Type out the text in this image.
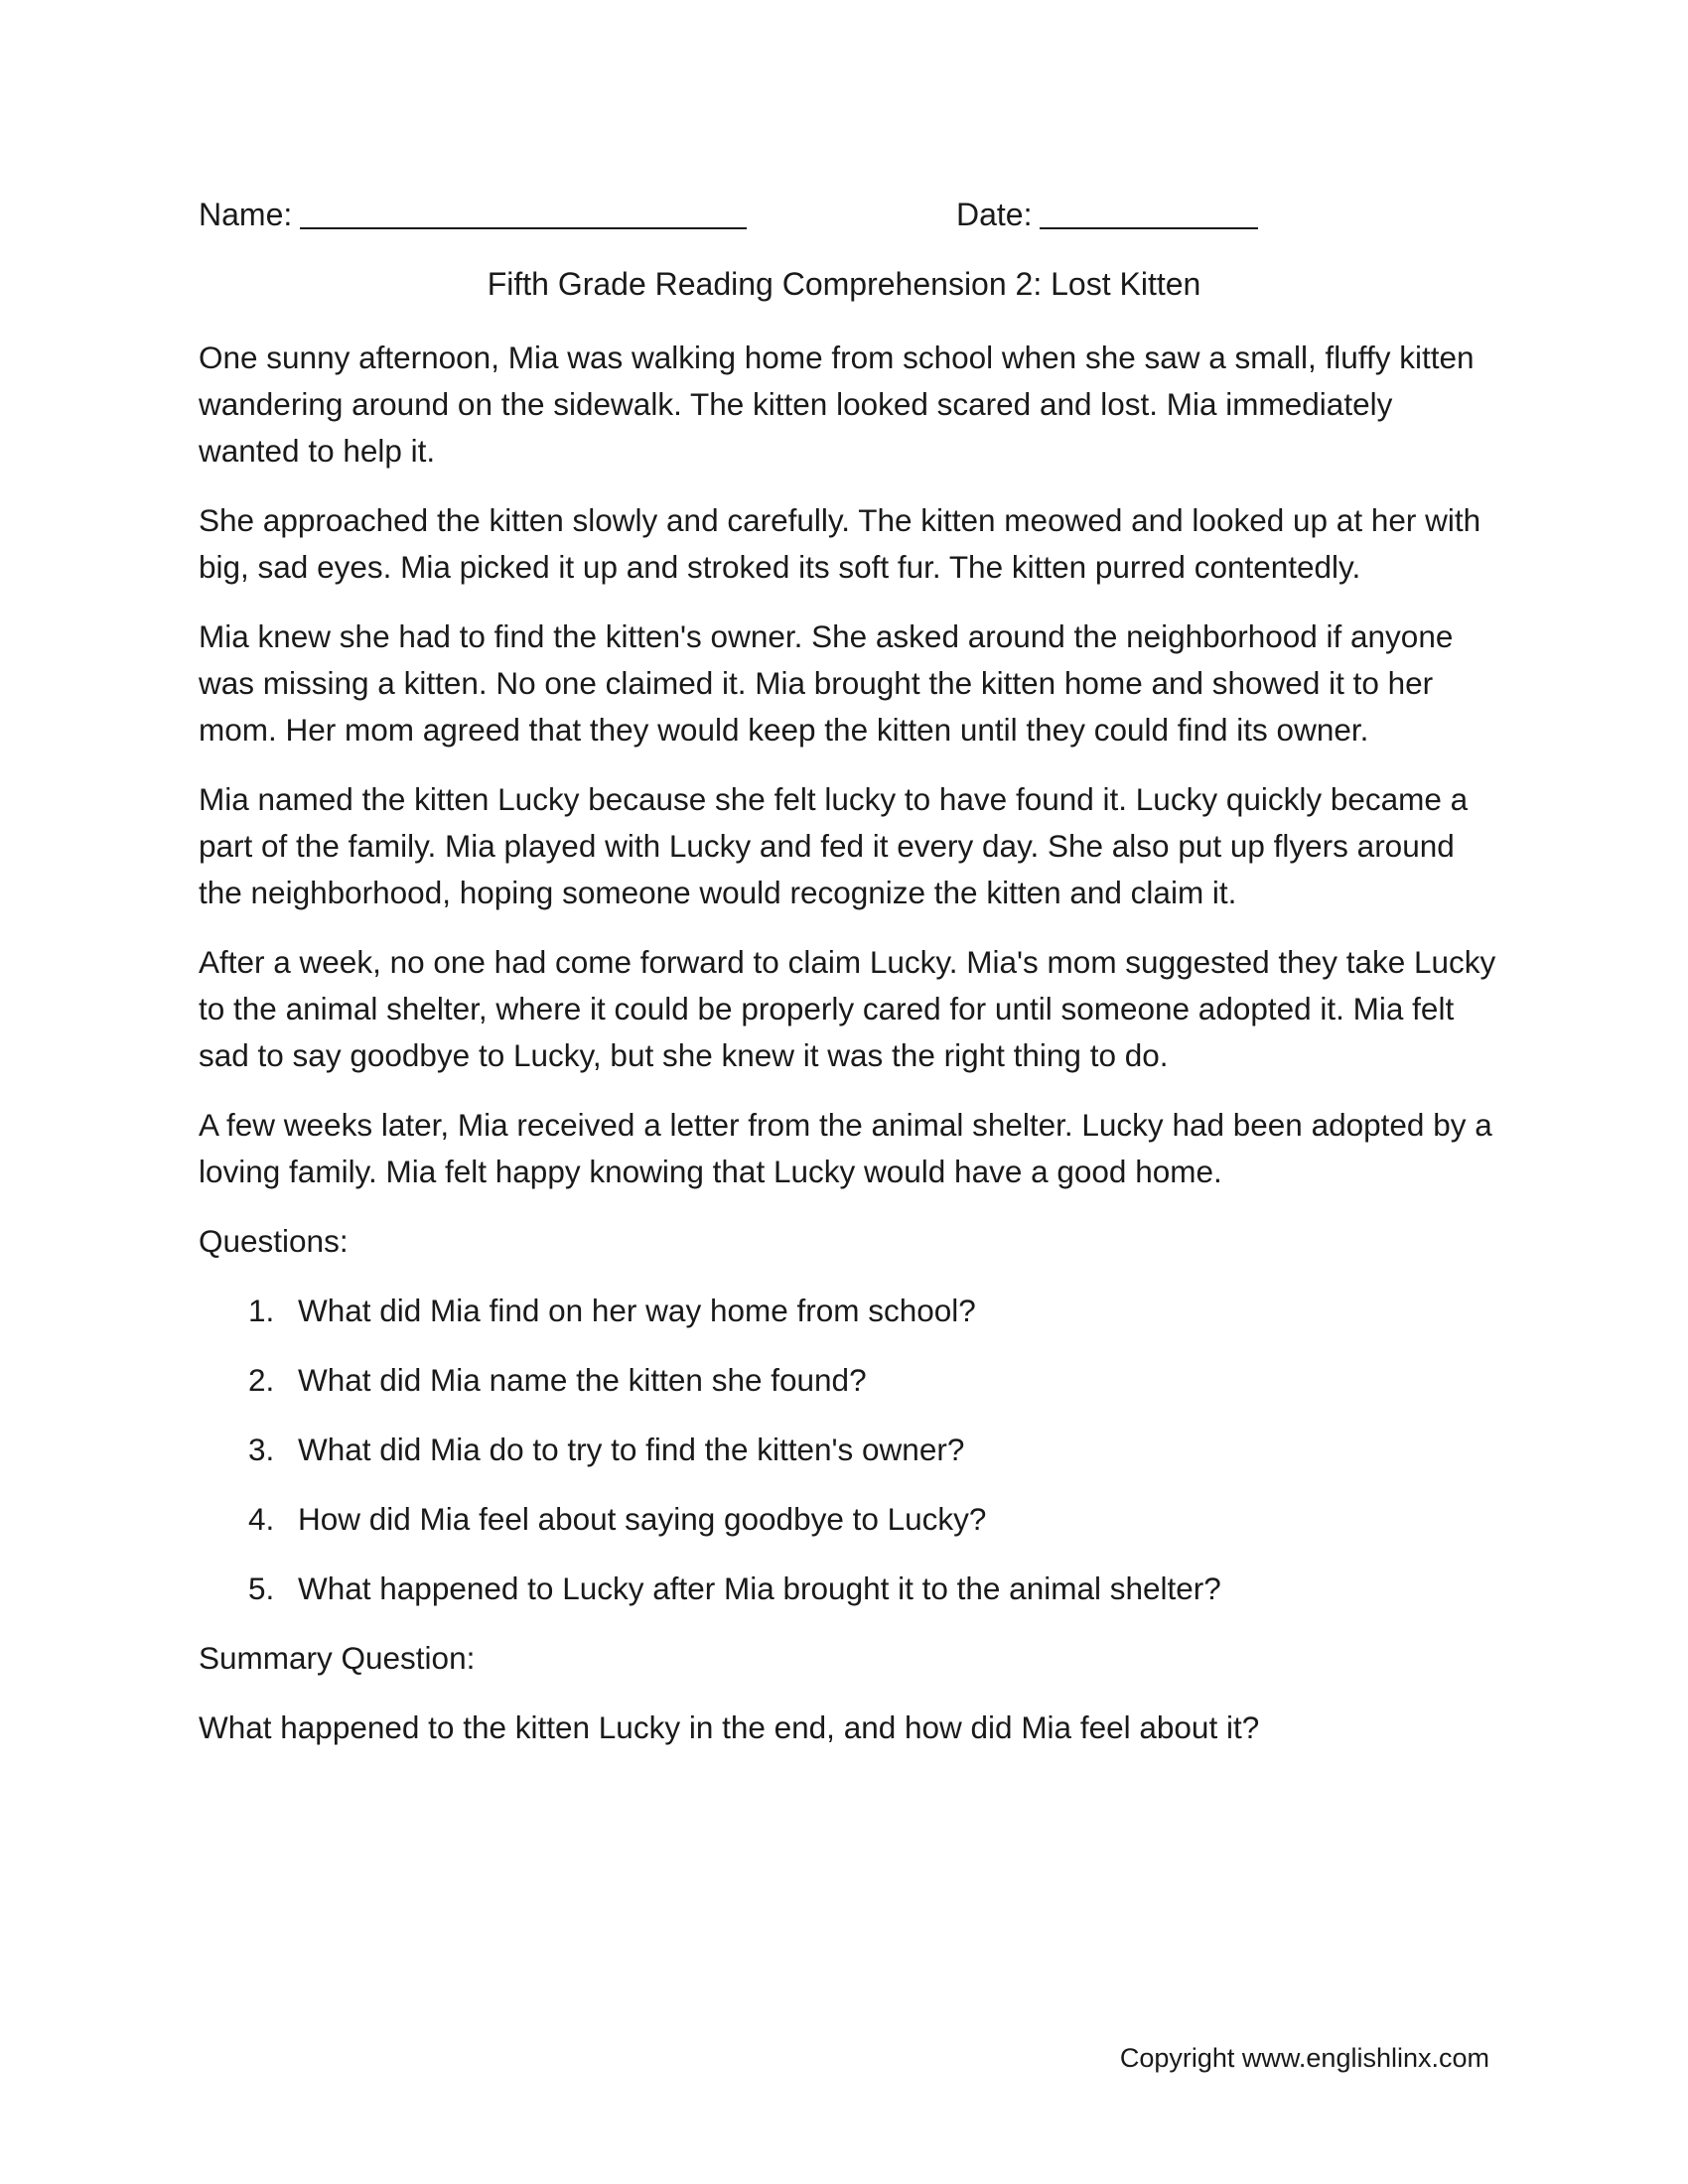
Name:	Date:
Fifth Grade Reading Comprehension 2: Lost Kitten

One sunny afternoon, Mia was walking home from school when she saw a small, fluffy kitten wandering around on the sidewalk. The kitten looked scared and lost. Mia immediately wanted to help it.

She approached the kitten slowly and carefully. The kitten meowed and looked up at her with big, sad eyes. Mia picked it up and stroked its soft fur. The kitten purred contentedly.

Mia knew she had to find the kitten's owner. She asked around the neighborhood if anyone was missing a kitten. No one claimed it. Mia brought the kitten home and showed it to her mom. Her mom agreed that they would keep the kitten until they could find its owner.

Mia named the kitten Lucky because she felt lucky to have found it. Lucky quickly became a part of the family. Mia played with Lucky and fed it every day. She also put up flyers around the neighborhood, hoping someone would recognize the kitten and claim it.

After a week, no one had come forward to claim Lucky. Mia's mom suggested they take Lucky to the animal shelter, where it could be properly cared for until someone adopted it. Mia felt sad to say goodbye to Lucky, but she knew it was the right thing to do.

A few weeks later, Mia received a letter from the animal shelter. Lucky had been adopted by a loving family. Mia felt happy knowing that Lucky would have a good home.

Questions:

1. What did Mia find on her way home from school?
2. What did Mia name the kitten she found?
3. What did Mia do to try to find the kitten's owner?
4. How did Mia feel about saying goodbye to Lucky?
5. What happened to Lucky after Mia brought it to the animal shelter?

Summary Question:

What happened to the kitten Lucky in the end, and how did Mia feel about it?

Copyright www.englishlinx.com
